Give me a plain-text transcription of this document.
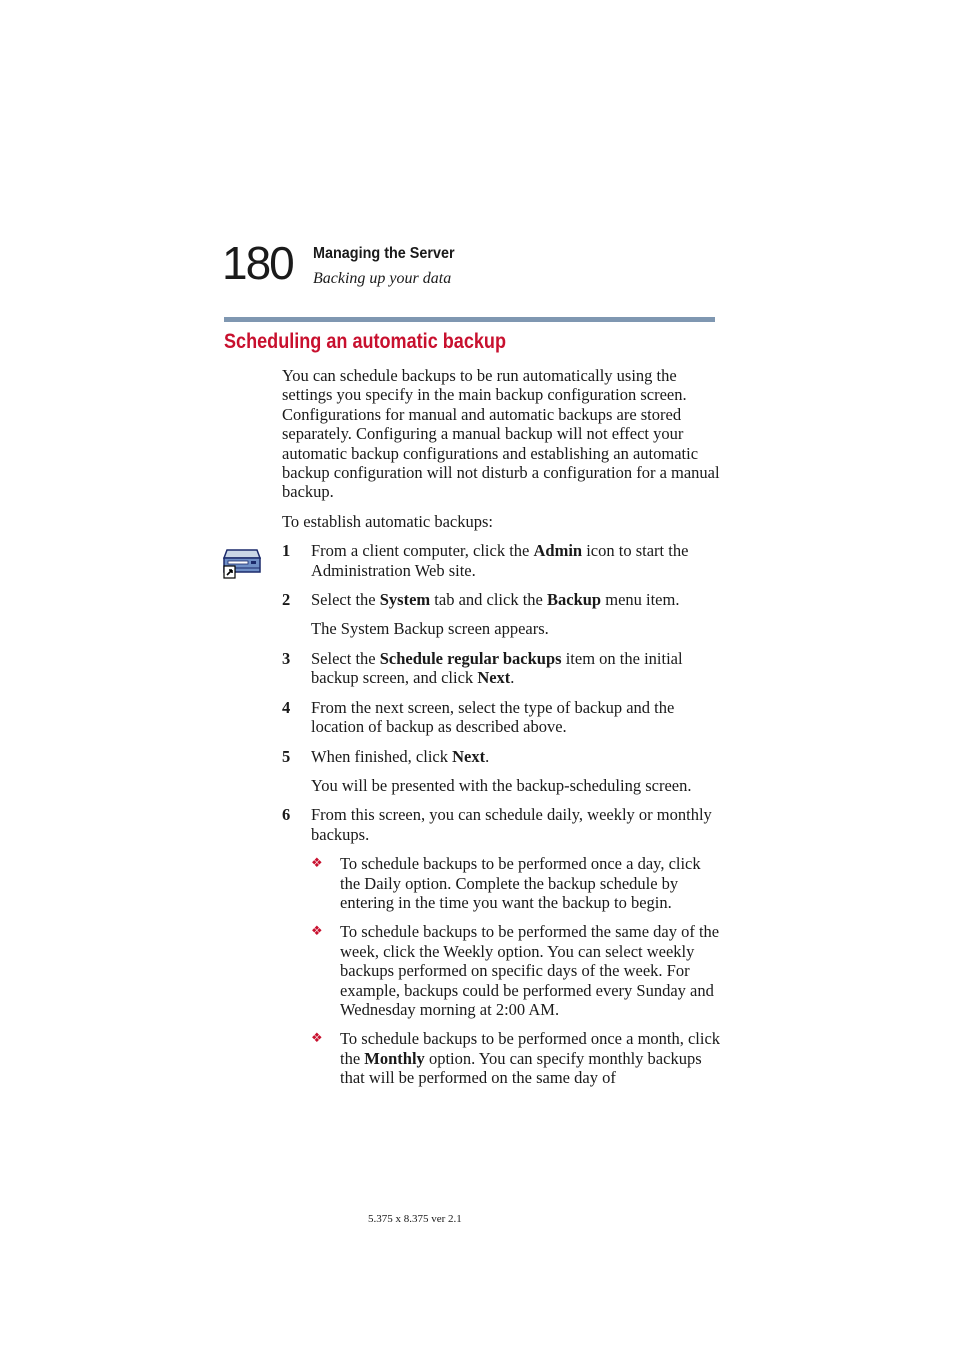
180 Managing the Server
Backing up your data
Scheduling an automatic backup

You can schedule backups to be run automatically using the settings you specify in the main backup configuration screen. Configurations for manual and automatic backups are stored separately. Configuring a manual backup will not effect your automatic backup configurations and establishing an automatic backup configuration will not disturb a configuration for a manual backup.

To establish automatic backups:

1 From a client computer, click the Admin icon to start the Administration Web site.
2 Select the System tab and click the Backup menu item.

The System Backup screen appears.

3 Select the Schedule regular backups item on the initial backup screen, and click Next.
4 From the next screen, select the type of backup and the location of backup as described above.
5 When finished, click Next.

You will be presented with the backup-scheduling screen.

6 From this screen, you can schedule daily, weekly or monthly backups.
❖ To schedule backups to be performed once a day, click the Daily option. Complete the backup schedule by entering in the time you want the backup to begin.
❖ To schedule backups to be performed the same day of the week, click the Weekly option. You can select weekly backups performed on specific days of the week. For example, backups could be performed every Sunday and Wednesday morning at 2:00 AM.
❖ To schedule backups to be performed once a month, click the Monthly option. You can specify monthly backups that will be performed on the same day of
5.375 x 8.375 ver 2.1
